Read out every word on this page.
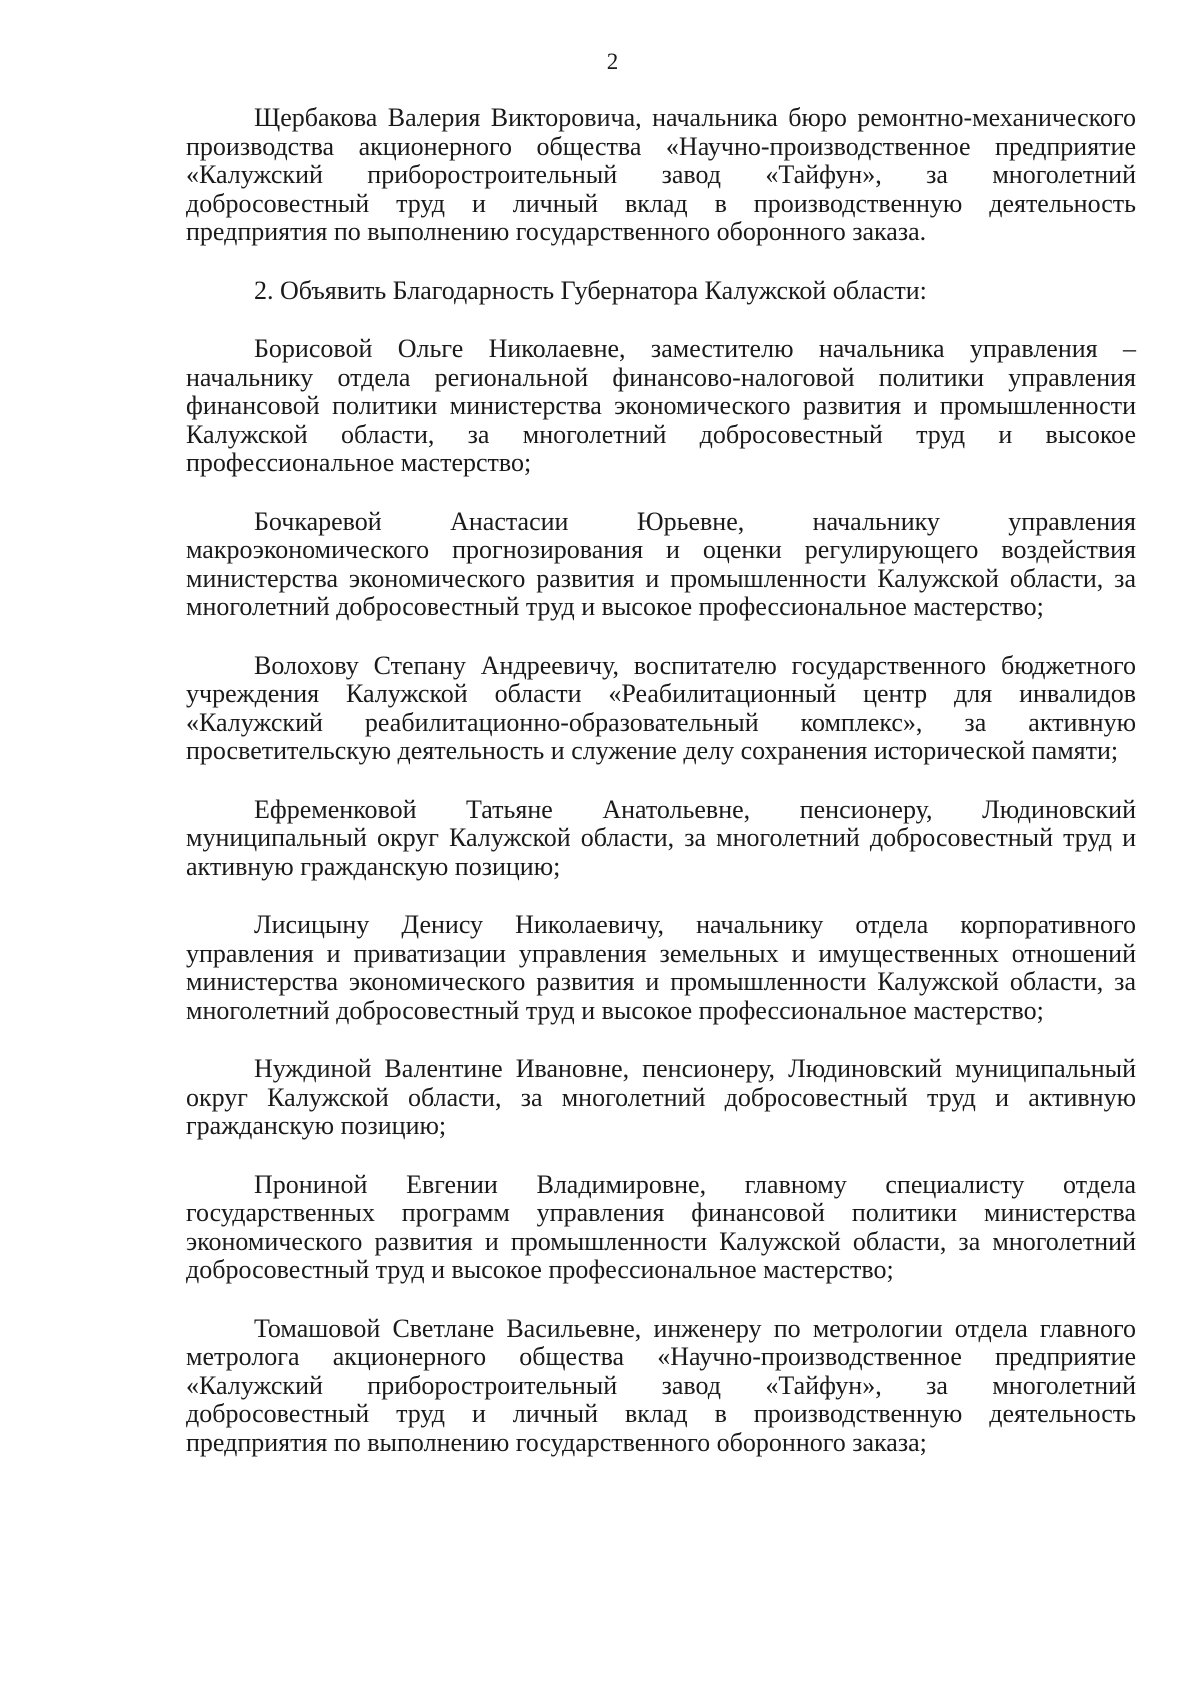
2

Щербакова Валерия Викторовича, начальника бюро ремонтно-механического производства акционерного общества «Научно-производственное предприятие «Калужский приборостроительный завод «Тайфун», за многолетний добросовестный труд и личный вклад в производственную деятельность предприятия по выполнению государственного оборонного заказа.

2. Объявить Благодарность Губернатора Калужской области:

Борисовой Ольге Николаевне, заместителю начальника управления – начальнику отдела региональной финансово-налоговой политики управления финансовой политики министерства экономического развития и промышленности Калужской области, за многолетний добросовестный труд и высокое профессиональное мастерство;

Бочкаревой Анастасии Юрьевне, начальнику управления макроэкономического прогнозирования и оценки регулирующего воздействия министерства экономического развития и промышленности Калужской области, за многолетний добросовестный труд и высокое профессиональное мастерство;

Волохову Степану Андреевичу, воспитателю государственного бюджетного учреждения Калужской области «Реабилитационный центр для инвалидов «Калужский реабилитационно-образовательный комплекс», за активную просветительскую деятельность и служение делу сохранения исторической памяти;

Ефременковой Татьяне Анатольевне, пенсионеру, Людиновский муниципальный округ Калужской области, за многолетний добросовестный труд и активную гражданскую позицию;

Лисицыну Денису Николаевичу, начальнику отдела корпоративного управления и приватизации управления земельных и имущественных отношений министерства экономического развития и промышленности Калужской области, за многолетний добросовестный труд и высокое профессиональное мастерство;

Нуждиной Валентине Ивановне, пенсионеру, Людиновский муниципальный округ Калужской области, за многолетний добросовестный труд и активную гражданскую позицию;

Прониной Евгении Владимировне, главному специалисту отдела государственных программ управления финансовой политики министерства экономического развития и промышленности Калужской области, за многолетний добросовестный труд и высокое профессиональное мастерство;

Томашовой Светлане Васильевне, инженеру по метрологии отдела главного метролога акционерного общества «Научно-производственное предприятие «Калужский приборостроительный завод «Тайфун», за многолетний добросовестный труд и личный вклад в производственную деятельность предприятия по выполнению государственного оборонного заказа;
